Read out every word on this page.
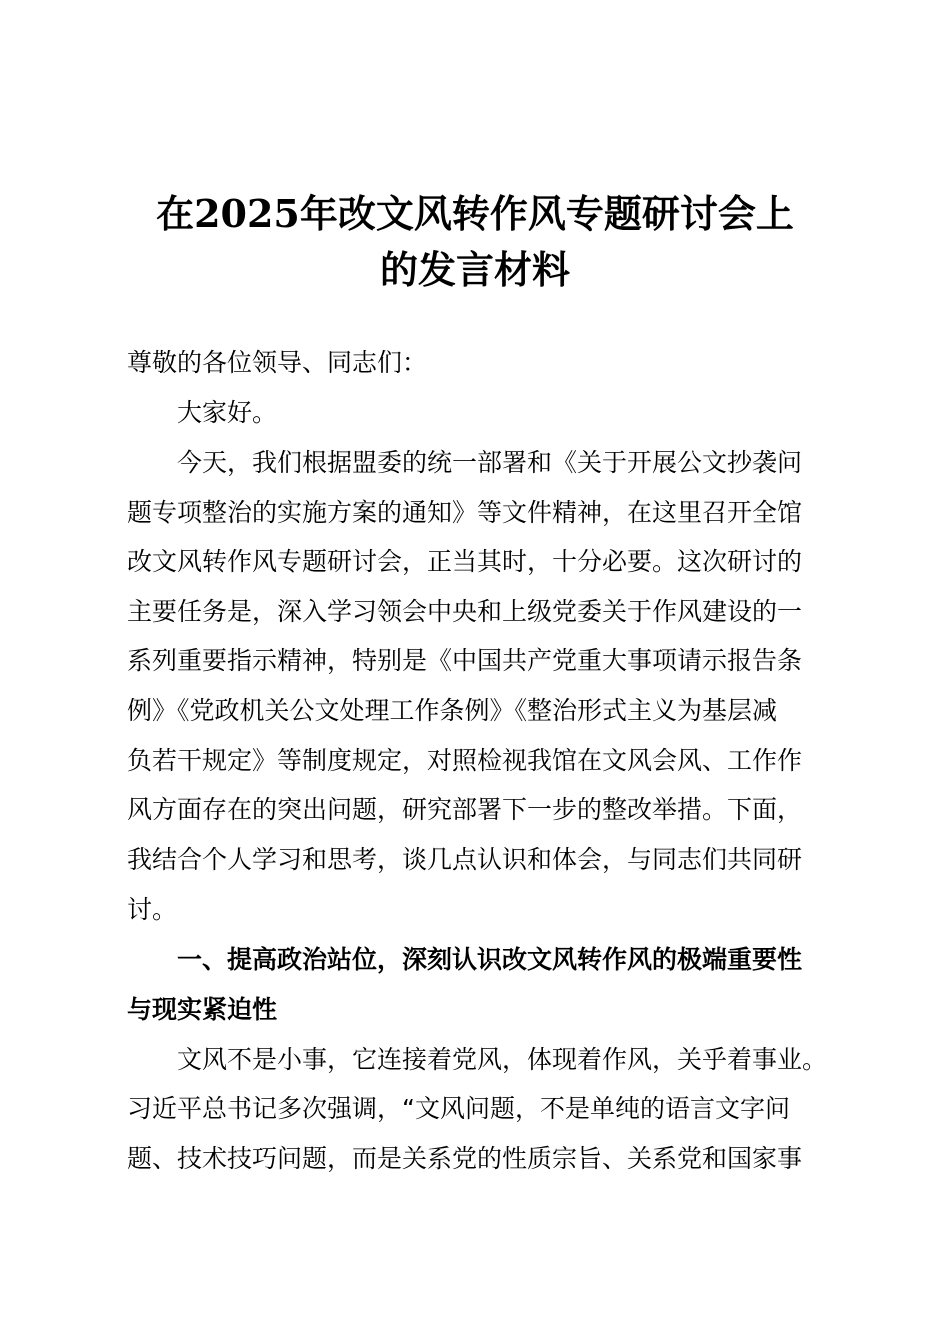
在2025年改文风转作风专题研讨会上
的发言材料

尊敬的各位领导、同志们：

大家好。

今天，我们根据盟委的统一部署和《关于开展公文抄袭问

题专项整治的实施方案的通知》等文件精神，在这里召开全馆

改文风转作风专题研讨会，正当其时，十分必要。这次研讨的

主要任务是，深入学习领会中央和上级党委关于作风建设的一

系列重要指示精神，特别是《中国共产党重大事项请示报告条

例》《党政机关公文处理工作条例》《整治形式主义为基层减

负若干规定》等制度规定，对照检视我馆在文风会风、工作作

风方面存在的突出问题，研究部署下一步的整改举措。下面，

我结合个人学习和思考，谈几点认识和体会，与同志们共同研

讨。

一、提高政治站位，深刻认识改文风转作风的极端重要性

与现实紧迫性

文风不是小事，它连接着党风，体现着作风，关乎着事业。

习近平总书记多次强调，“文风问题，不是单纯的语言文字问

题、技术技巧问题，而是关系党的性质宗旨、关系党和国家事
